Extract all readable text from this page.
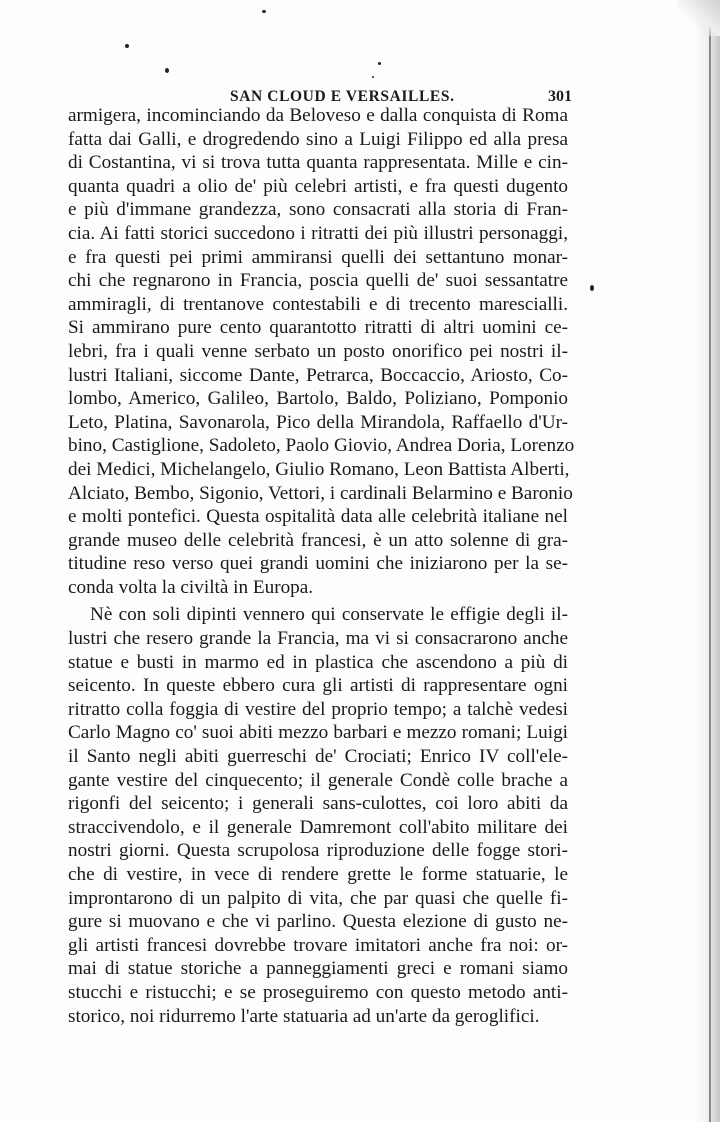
SAN CLOUD E VERSAILLES.	301
armigera, incominciando da Beloveso e dalla conquista di Roma
fatta dai Galli, e drogredendo sino a Luigi Filippo ed alla presa
di Costantina, vi si trova tutta quanta rappresentata. Mille e cin-
quanta quadri a olio de' più celebri artisti, e fra questi dugento
e più d'immane grandezza, sono consacrati alla storia di Fran-
cia. Ai fatti storici succedono i ritratti dei più illustri personaggi,
e fra questi pei primi ammiransi quelli dei settantuno monar-
chi che regnarono in Francia, poscia quelli de' suoi sessantatre
ammiragli, di trentanove contestabili e di trecento marescialli.
Si ammirano pure cento quarantotto ritratti di altri uomini ce-
lebri, fra i quali venne serbato un posto onorifico pei nostri il-
lustri Italiani, siccome Dante, Petrarca, Boccaccio, Ariosto, Co-
lombo, Americo, Galileo, Bartolo, Baldo, Poliziano, Pomponio
Leto, Platina, Savonarola, Pico della Mirandola, Raffaello d'Ur-
bino, Castiglione, Sadoleto, Paolo Giovio, Andrea Doria, Lorenzo
dei Medici, Michelangelo, Giulio Romano, Leon Battista Alberti,
Alciato, Bembo, Sigonio, Vettori, i cardinali Belarmino e Baronio
e molti pontefici. Questa ospitalità data alle celebrità italiane nel
grande museo delle celebrità francesi, è un atto solenne di gra-
titudine reso verso quei grandi uomini che iniziarono per la se-
conda volta la civiltà in Europa.
Nè con soli dipinti vennero qui conservate le effigie degli il-
lustri che resero grande la Francia, ma vi si consacrarono anche
statue e busti in marmo ed in plastica che ascendono a più di
seicento. In queste ebbero cura gli artisti di rappresentare ogni
ritratto colla foggia di vestire del proprio tempo; a talchè vedesi
Carlo Magno co' suoi abiti mezzo barbari e mezzo romani; Luigi
il Santo negli abiti guerreschi de' Crociati; Enrico IV coll'ele-
gante vestire del cinquecento; il generale Condè colle brache a
rigonfi del seicento; i generali sans-culottes, coi loro abiti da
straccivendolo, e il generale Damremont coll'abito militare dei
nostri giorni. Questa scrupolosa riproduzione delle fogge stori-
che di vestire, in vece di rendere grette le forme statuarie, le
improntarono di un palpito di vita, che par quasi che quelle fi-
gure si muovano e che vi parlino. Questa elezione di gusto ne-
gli artisti francesi dovrebbe trovare imitatori anche fra noi: or-
mai di statue storiche a panneggiamenti greci e romani siamo
stucchi e ristucchi; e se proseguiremo con questo metodo anti-
storico, noi ridurremo l'arte statuaria ad un'arte da geroglifici.
